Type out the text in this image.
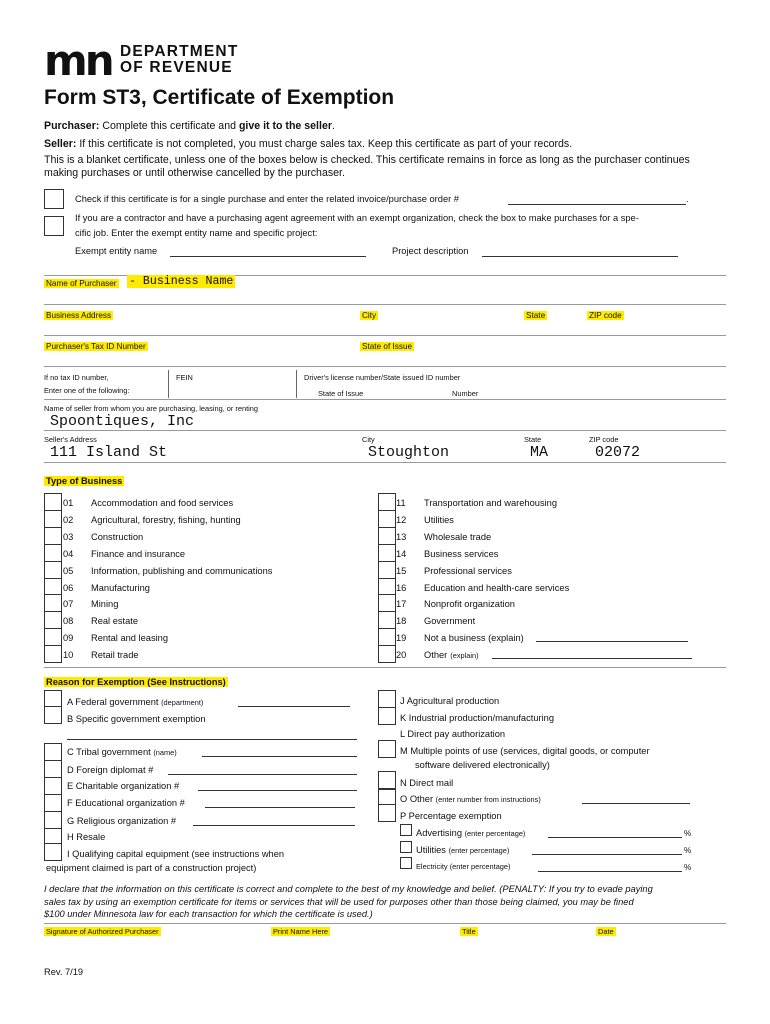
mn DEPARTMENT
OF REVENUE
Form ST3, Certificate of Exemption
Purchaser: Complete this certificate and give it to the seller.
Seller: If this certificate is not completed, you must charge sales tax. Keep this certificate as part of your records.
This is a blanket certificate, unless one of the boxes below is checked. This certificate remains in force as long as the purchaser continues
making purchases or until otherwise cancelled by the purchaser.
Check if this certificate is for a single purchase and enter the related invoice/purchase order #	.
If you are a contractor and have a purchasing agent agreement with an exempt organization, check the box to make purchases for a spe-
cific job. Enter the exempt entity name and specific project:
Exempt entity name	Project description
Name of Purchaser - Business Name
Business Address	City	State	ZIP code
Purchaser's Tax ID Number	State of Issue
If no tax ID number,
Enter one of the following:
FEIN	Driver's license number/State issued ID number
State of Issue	Number
Name of seller from whom you are purchasing, leasing, or renting
Spoontiques, Inc
Seller's Address	City	State	ZIP code
111 Island St	Stoughton	MA	02072
Type of Business
01 Accommodation and food services
02 Agricultural, forestry, fishing, hunting
03 Construction
04 Finance and insurance
05 Information, publishing and communications
06 Manufacturing
07 Mining
08 Real estate
09 Rental and leasing
10 Retail trade
11 Transportation and warehousing
12 Utilities
13 Wholesale trade
14 Business services
15 Professional services
16 Education and health-care services
17 Nonprofit organization
18 Government
19 Not a business (explain)
20 Other (explain)
Reason for Exemption (See Instructions)
A Federal government (department)
B Specific government exemption
C Tribal government (name)
D Foreign diplomat #
E Charitable organization #
F Educational organization #
G Religious organization #
H Resale
I Qualifying capital equipment (see instructions when
equipment claimed is part of a construction project)
J Agricultural production
K Industrial production/manufacturing
L Direct pay authorization
M Multiple points of use (services, digital goods, or computer
software delivered electronically)
N Direct mail
O Other (enter number from instructions)
P Percentage exemption
Advertising (enter percentage)	%
Utilities (enter percentage)	%
Electricity (enter percentage)	%
I declare that the information on this certificate is correct and complete to the best of my knowledge and belief. (PENALTY: If you try to evade paying
sales tax by using an exemption certificate for items or services that will be used for purposes other than those being claimed, you may be fined
$100 under Minnesota law for each transaction for which the certificate is used.)
Signature of Authorized Purchaser	Print Name Here	Title	Date
Rev. 7/19
